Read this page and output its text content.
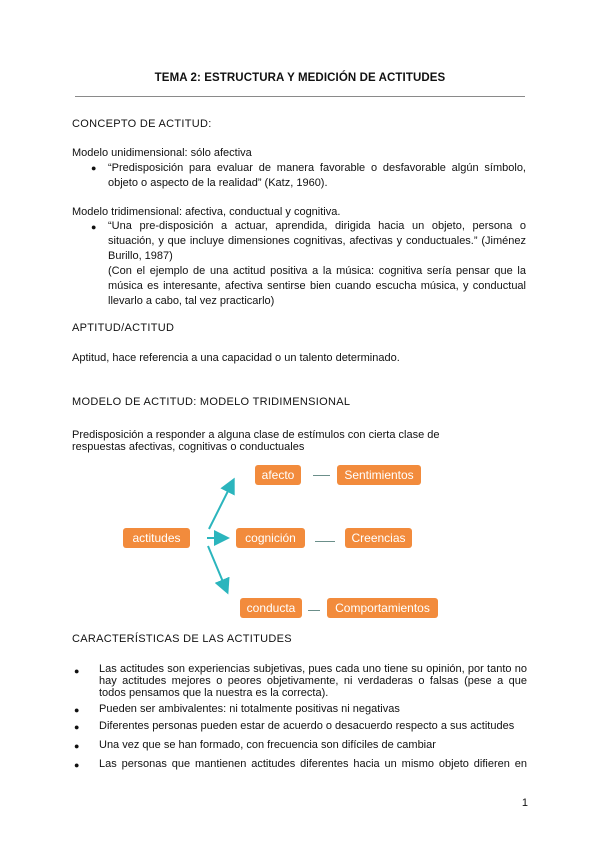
TEMA 2: ESTRUCTURA Y MEDICIÓN DE ACTITUDES
CONCEPTO DE ACTITUD:
Modelo unidimensional: sólo afectiva
● “Predisposición para evaluar de manera favorable o desfavorable algún símbolo, objeto o aspecto de la realidad” (Katz, 1960).
Modelo tridimensional: afectiva, conductual y cognitiva.
● “Una pre-disposición a actuar, aprendida, dirigida hacia un objeto, persona o situación, y que incluye dimensiones cognitivas, afectivas y conductuales.” (Jiménez Burillo, 1987)
(Con el ejemplo de una actitud positiva a la música: cognitiva sería pensar que la música es interesante, afectiva sentirse bien cuando escucha música, y conductual llevarlo a cabo, tal vez practicarlo)
APTITUD/ACTITUD
Aptitud, hace referencia a una capacidad o un talento determinado.
MODELO DE ACTITUD: MODELO TRIDIMENSIONAL
Predisposición a responder a alguna clase de estímulos con cierta clase de respuestas afectivas, cognitivas o conductuales
actitudes
afecto	Sentimientos
cognición	Creencias
conducta	Comportamientos
CARACTERÍSTICAS DE LAS ACTITUDES
● Las actitudes son experiencias subjetivas, pues cada uno tiene su opinión, por tanto no hay actitudes mejores o peores objetivamente, ni verdaderas o falsas (pese a que todos pensamos que la nuestra es la correcta).
● Pueden ser ambivalentes: ni totalmente positivas ni negativas
● Diferentes personas pueden estar de acuerdo o desacuerdo respecto a sus actitudes
● Una vez que se han formado, con frecuencia son difíciles de cambiar
● Las personas que mantienen actitudes diferentes hacia un mismo objeto difieren en
1
